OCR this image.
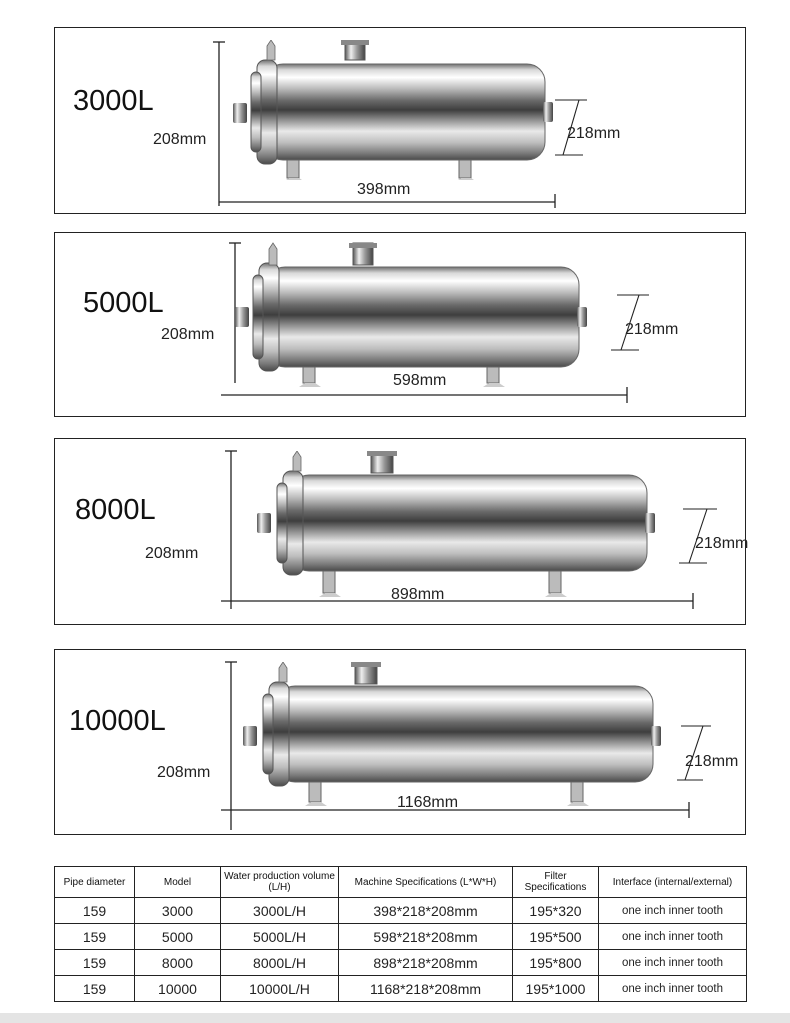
3000L
208mm	218mm
398mm
5000L
208mm	218mm
598mm
8000L
208mm
218mm
898mm
10000L
208mm
218mm
1168mm
Pipe diameter	Model	Water production volume (L/H)	Machine Specifications (L*W*H)	Filter Specifications	Interface (internal/external)
159	3000	3000L/H	398*218*208mm	195*320	one inch inner tooth
159	5000	5000L/H	598*218*208mm	195*500	one inch inner tooth
159	8000	8000L/H	898*218*208mm	195*800	one inch inner tooth
159	10000	10000L/H	1168*218*208mm	195*1000	one inch inner tooth
